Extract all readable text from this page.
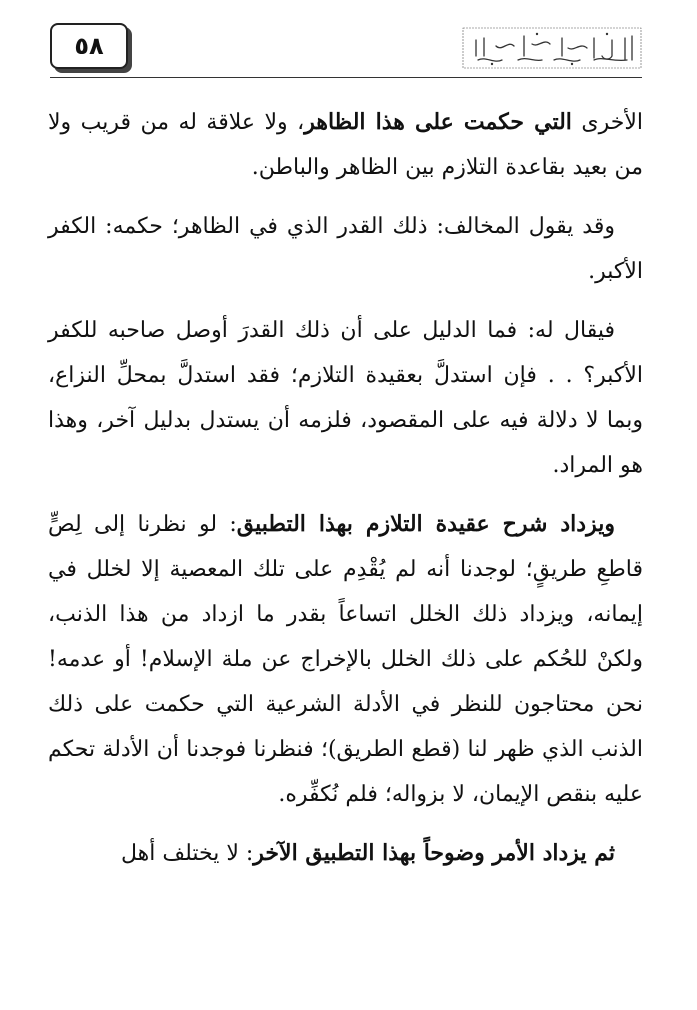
٥٨	الحكم بغير ما أنزل الله

الأخرى التي حكمت على هذا الظاهر، ولا علاقة له من قريب ولا من بعيد بقاعدة التلازم بين الظاهر والباطن.

وقد يقول المخالف: ذلك القدر الذي في الظاهر؛ حكمه: الكفر الأكبر.

فيقال له: فما الدليل على أن ذلك القدرَ أوصل صاحبه للكفر الأكبر؟ . . فإن استدلَّ بعقيدة التلازم؛ فقد استدلَّ بمحلِّ النزاع، وبما لا دلالة فيه على المقصود، فلزمه أن يستدل بدليل آخر، وهذا هو المراد.

ويزداد شرح عقيدة التلازم بهذا التطبيق: لو نظرنا إلى لِصٍّ قاطعِ طريقٍ؛ لوجدنا أنه لم يُقْدِم على تلك المعصية إلا لخلل في إيمانه، ويزداد ذلك الخلل اتساعاً بقدر ما ازداد من هذا الذنب، ولكنْ للحُكم على ذلك الخلل بالإخراج عن ملة الإسلام! أو عدمه! نحن محتاجون للنظر في الأدلة الشرعية التي حكمت على ذلك الذنب الذي ظهر لنا (قطع الطريق)؛ فنظرنا فوجدنا أن الأدلة تحكم عليه بنقص الإيمان، لا بزواله؛ فلم نُكفِّره.

ثم يزداد الأمر وضوحاً بهذا التطبيق الآخر: لا يختلف أهل
